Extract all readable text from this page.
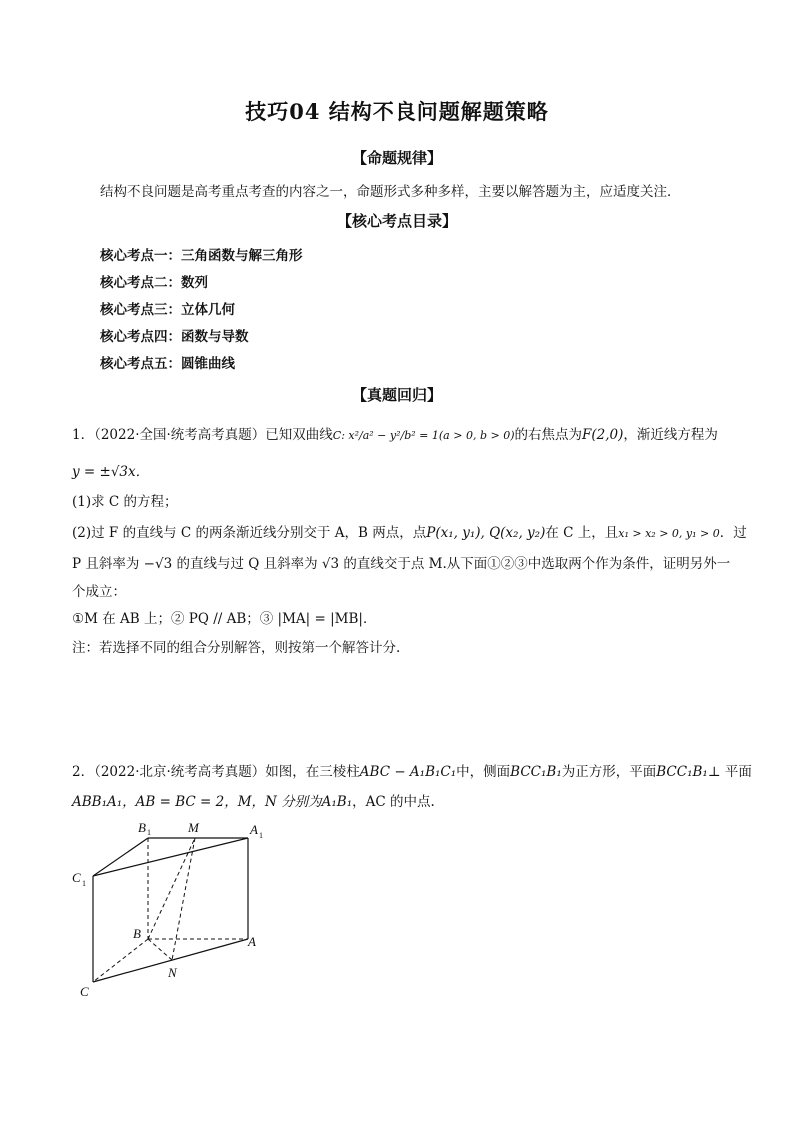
技巧04 结构不良问题解题策略
【命题规律】
结构不良问题是高考重点考查的内容之一，命题形式多种多样，主要以解答题为主，应适度关注．
【核心考点目录】
核心考点一：三角函数与解三角形
核心考点二：数列
核心考点三：立体几何
核心考点四：函数与导数
核心考点五：圆锥曲线
【真题回归】
1．（2022·全国·统考高考真题）已知双曲线C: x²/a² − y²/b² = 1(a > 0, b > 0)的右焦点为F(2,0)，渐近线方程为
y = ±√3x．
(1)求 C 的方程；
(2)过 F 的直线与 C 的两条渐近线分别交于 A，B 两点，点P(x₁, y₁), Q(x₂, y₂)在 C 上，且x₁ > x₂ > 0, y₁ > 0．过
P 且斜率为 −√3 的直线与过 Q 且斜率为 √3 的直线交于点 M.从下面①②③中选取两个作为条件，证明另外一
个成立：
①M 在 AB 上；② PQ // AB；③ |MA| = |MB|．
注：若选择不同的组合分别解答，则按第一个解答计分.
2．（2022·北京·统考高考真题）如图，在三棱柱ABC − A₁B₁C₁中，侧面BCC₁B₁为正方形，平面BCC₁B₁⊥ 平面
ABB₁A₁，AB = BC = 2，M，N 分别为A₁B₁，AC 的中点.
B 1	M	A 1
C 1
B
A
N
C
